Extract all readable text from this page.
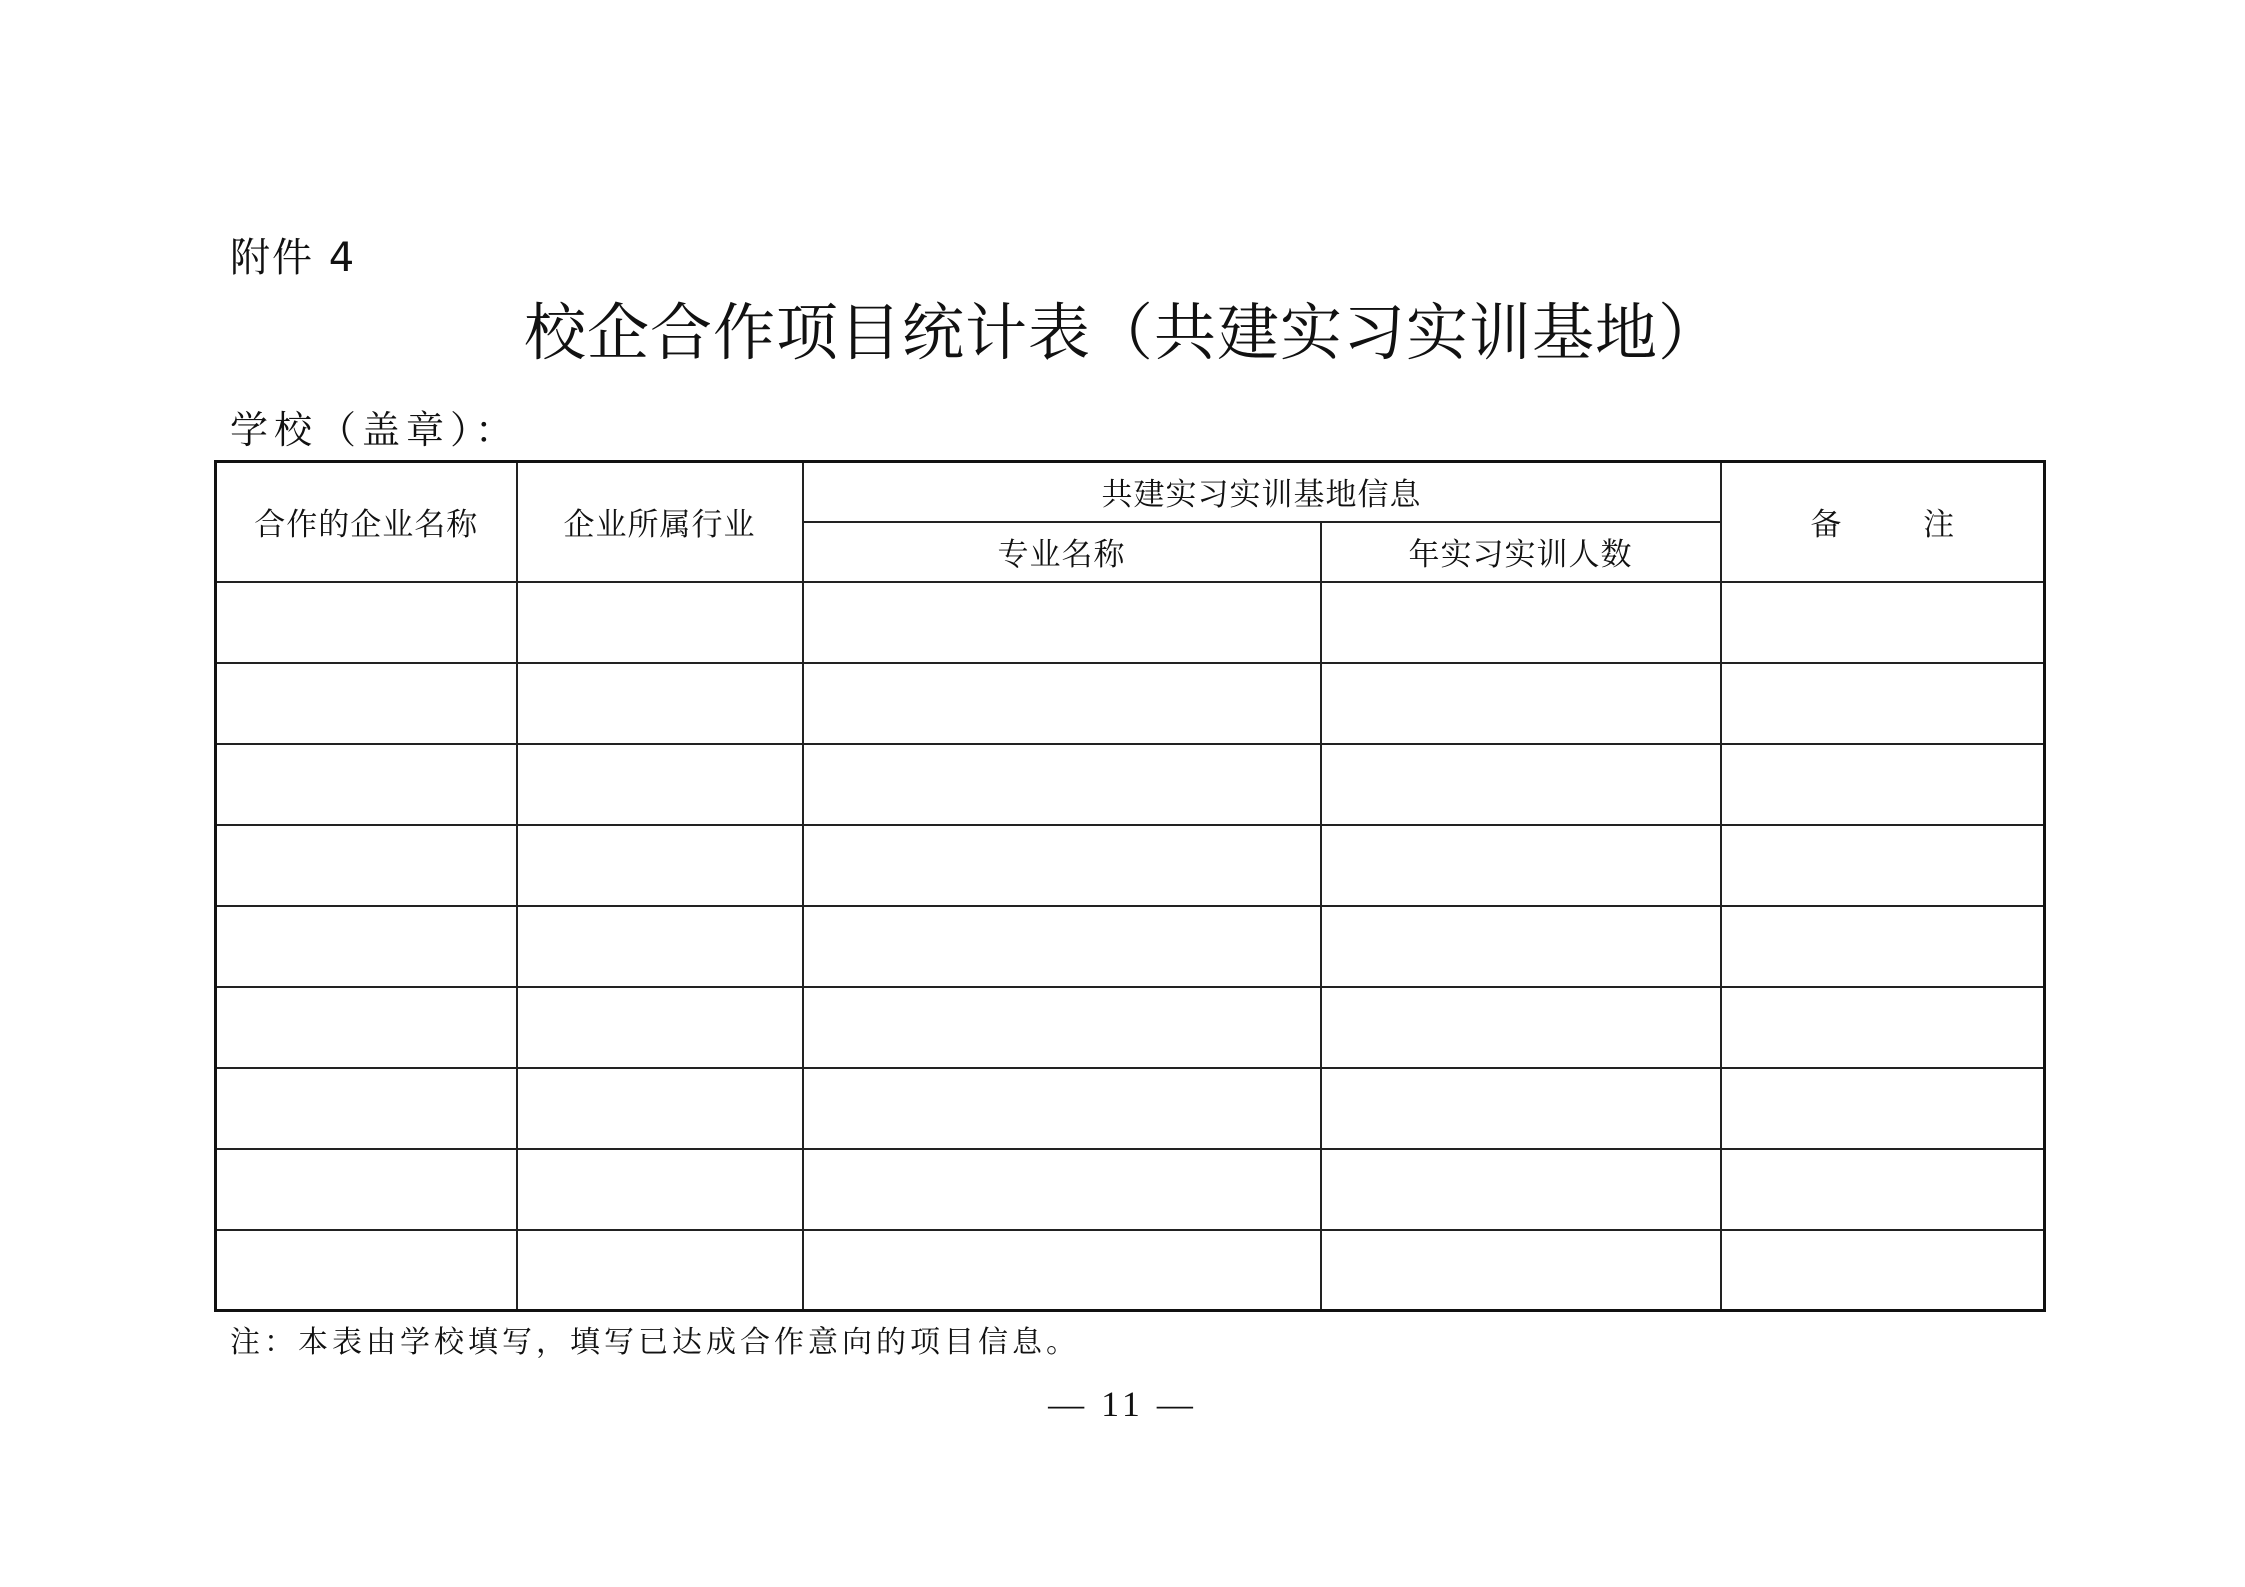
附件 4
校企合作项目统计表（共建实习实训基地）
学校（盖章）：
合作的企业名称	企业所属行业	共建实习实训基地信息		备 注
		专业名称	年实习实训人数	

注：本表由学校填写，填写已达成合作意向的项目信息。
— 11 —
